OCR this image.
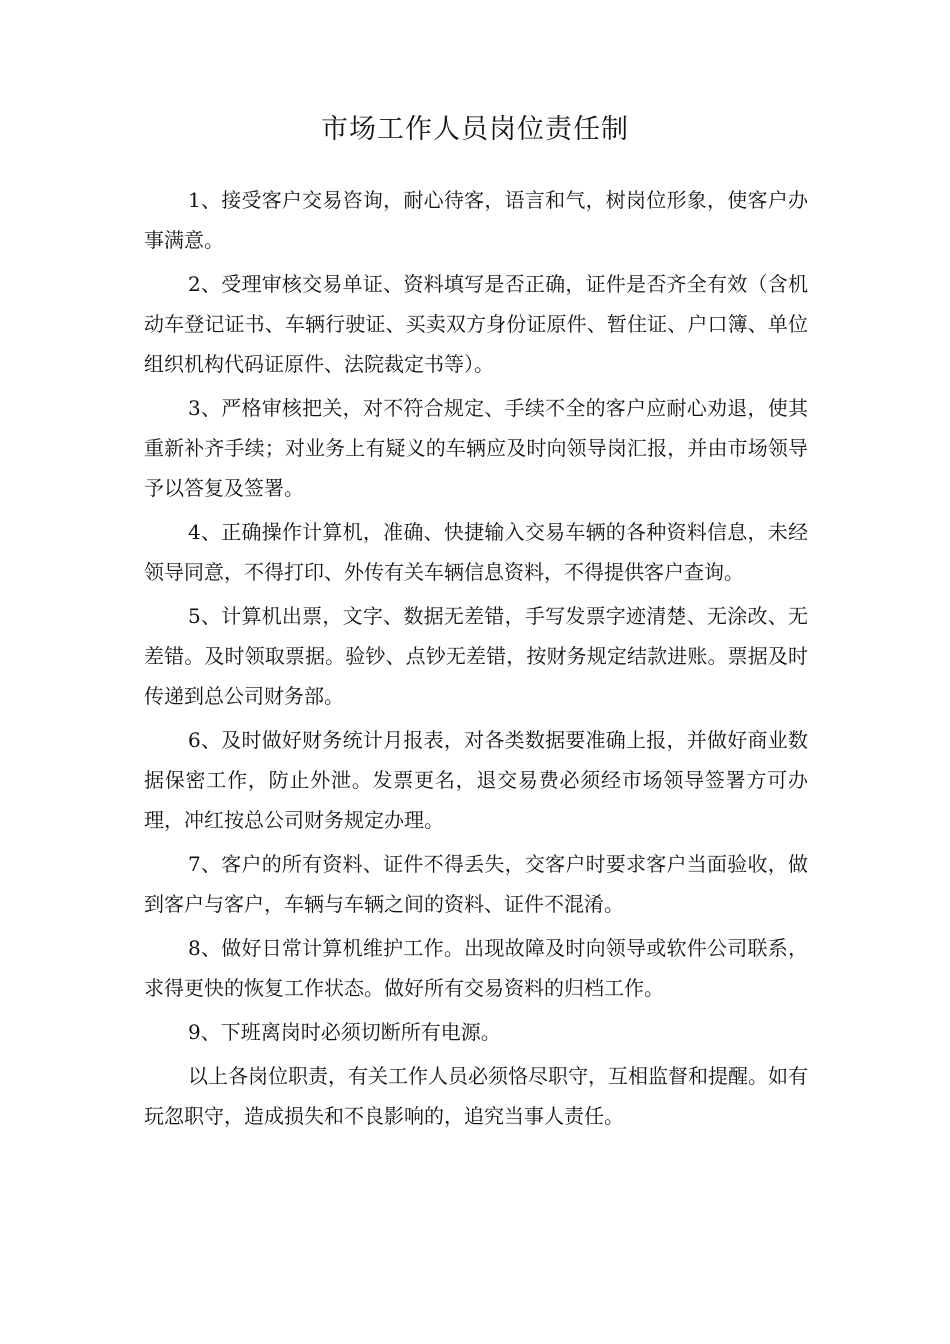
市场工作人员岗位责任制

1、接受客户交易咨询，耐心待客，语言和气，树岗位形象，使客户办事满意。

2、受理审核交易单证、资料填写是否正确，证件是否齐全有效（含机动车登记证书、车辆行驶证、买卖双方身份证原件、暂住证、户口簿、单位组织机构代码证原件、法院裁定书等）。

3、严格审核把关，对不符合规定、手续不全的客户应耐心劝退，使其重新补齐手续；对业务上有疑义的车辆应及时向领导岗汇报，并由市场领导予以答复及签署。

4、正确操作计算机，准确、快捷输入交易车辆的各种资料信息，未经领导同意，不得打印、外传有关车辆信息资料，不得提供客户查询。

5、计算机出票，文字、数据无差错，手写发票字迹清楚、无涂改、无差错。及时领取票据。验钞、点钞无差错，按财务规定结款进账。票据及时传递到总公司财务部。

6、及时做好财务统计月报表，对各类数据要准确上报，并做好商业数据保密工作，防止外泄。发票更名，退交易费必须经市场领导签署方可办理，冲红按总公司财务规定办理。

7、客户的所有资料、证件不得丢失，交客户时要求客户当面验收，做到客户与客户，车辆与车辆之间的资料、证件不混淆。

8、做好日常计算机维护工作。出现故障及时向领导或软件公司联系，求得更快的恢复工作状态。做好所有交易资料的归档工作。

9、下班离岗时必须切断所有电源。

以上各岗位职责，有关工作人员必须恪尽职守，互相监督和提醒。如有玩忽职守，造成损失和不良影响的，追究当事人责任。
